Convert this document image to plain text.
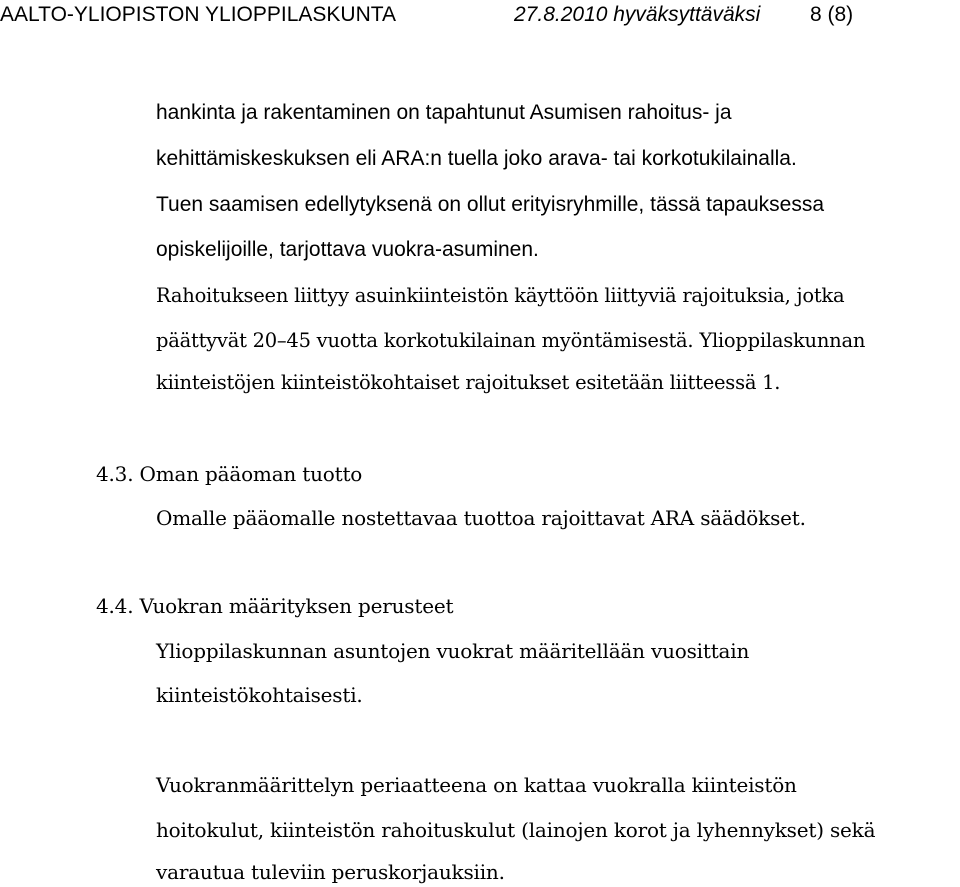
AALTO-YLIOPISTON YLIOPPILASKUNTA	27.8.2010 hyväksyttäväksi 8 (8)
hankinta ja rakentaminen on tapahtunut Asumisen rahoitus- ja
kehittämiskeskuksen eli ARA:n tuella joko arava- tai korkotukilainalla.
Tuen saamisen edellytyksenä on ollut erityisryhmille, tässä tapauksessa
opiskelijoille, tarjottava vuokra-asuminen.
Rahoitukseen liittyy asuinkiinteistön käyttöön liittyviä rajoituksia, jotka
päättyvät 20–45 vuotta korkotukilainan myöntämisestä. Ylioppilaskunnan
kiinteistöjen kiinteistökohtaiset rajoitukset esitetään liitteessä 1.
4.3. Oman pääoman tuotto
Omalle pääomalle nostettavaa tuottoa rajoittavat ARA säädökset.
4.4. Vuokran määrityksen perusteet
Ylioppilaskunnan asuntojen vuokrat määritellään vuosittain
kiinteistökohtaisesti.
Vuokranmäärittelyn periaatteena on kattaa vuokralla kiinteistön
hoitokulut, kiinteistön rahoituskulut (lainojen korot ja lyhennykset) sekä
varautua tuleviin peruskorjauksiin.
